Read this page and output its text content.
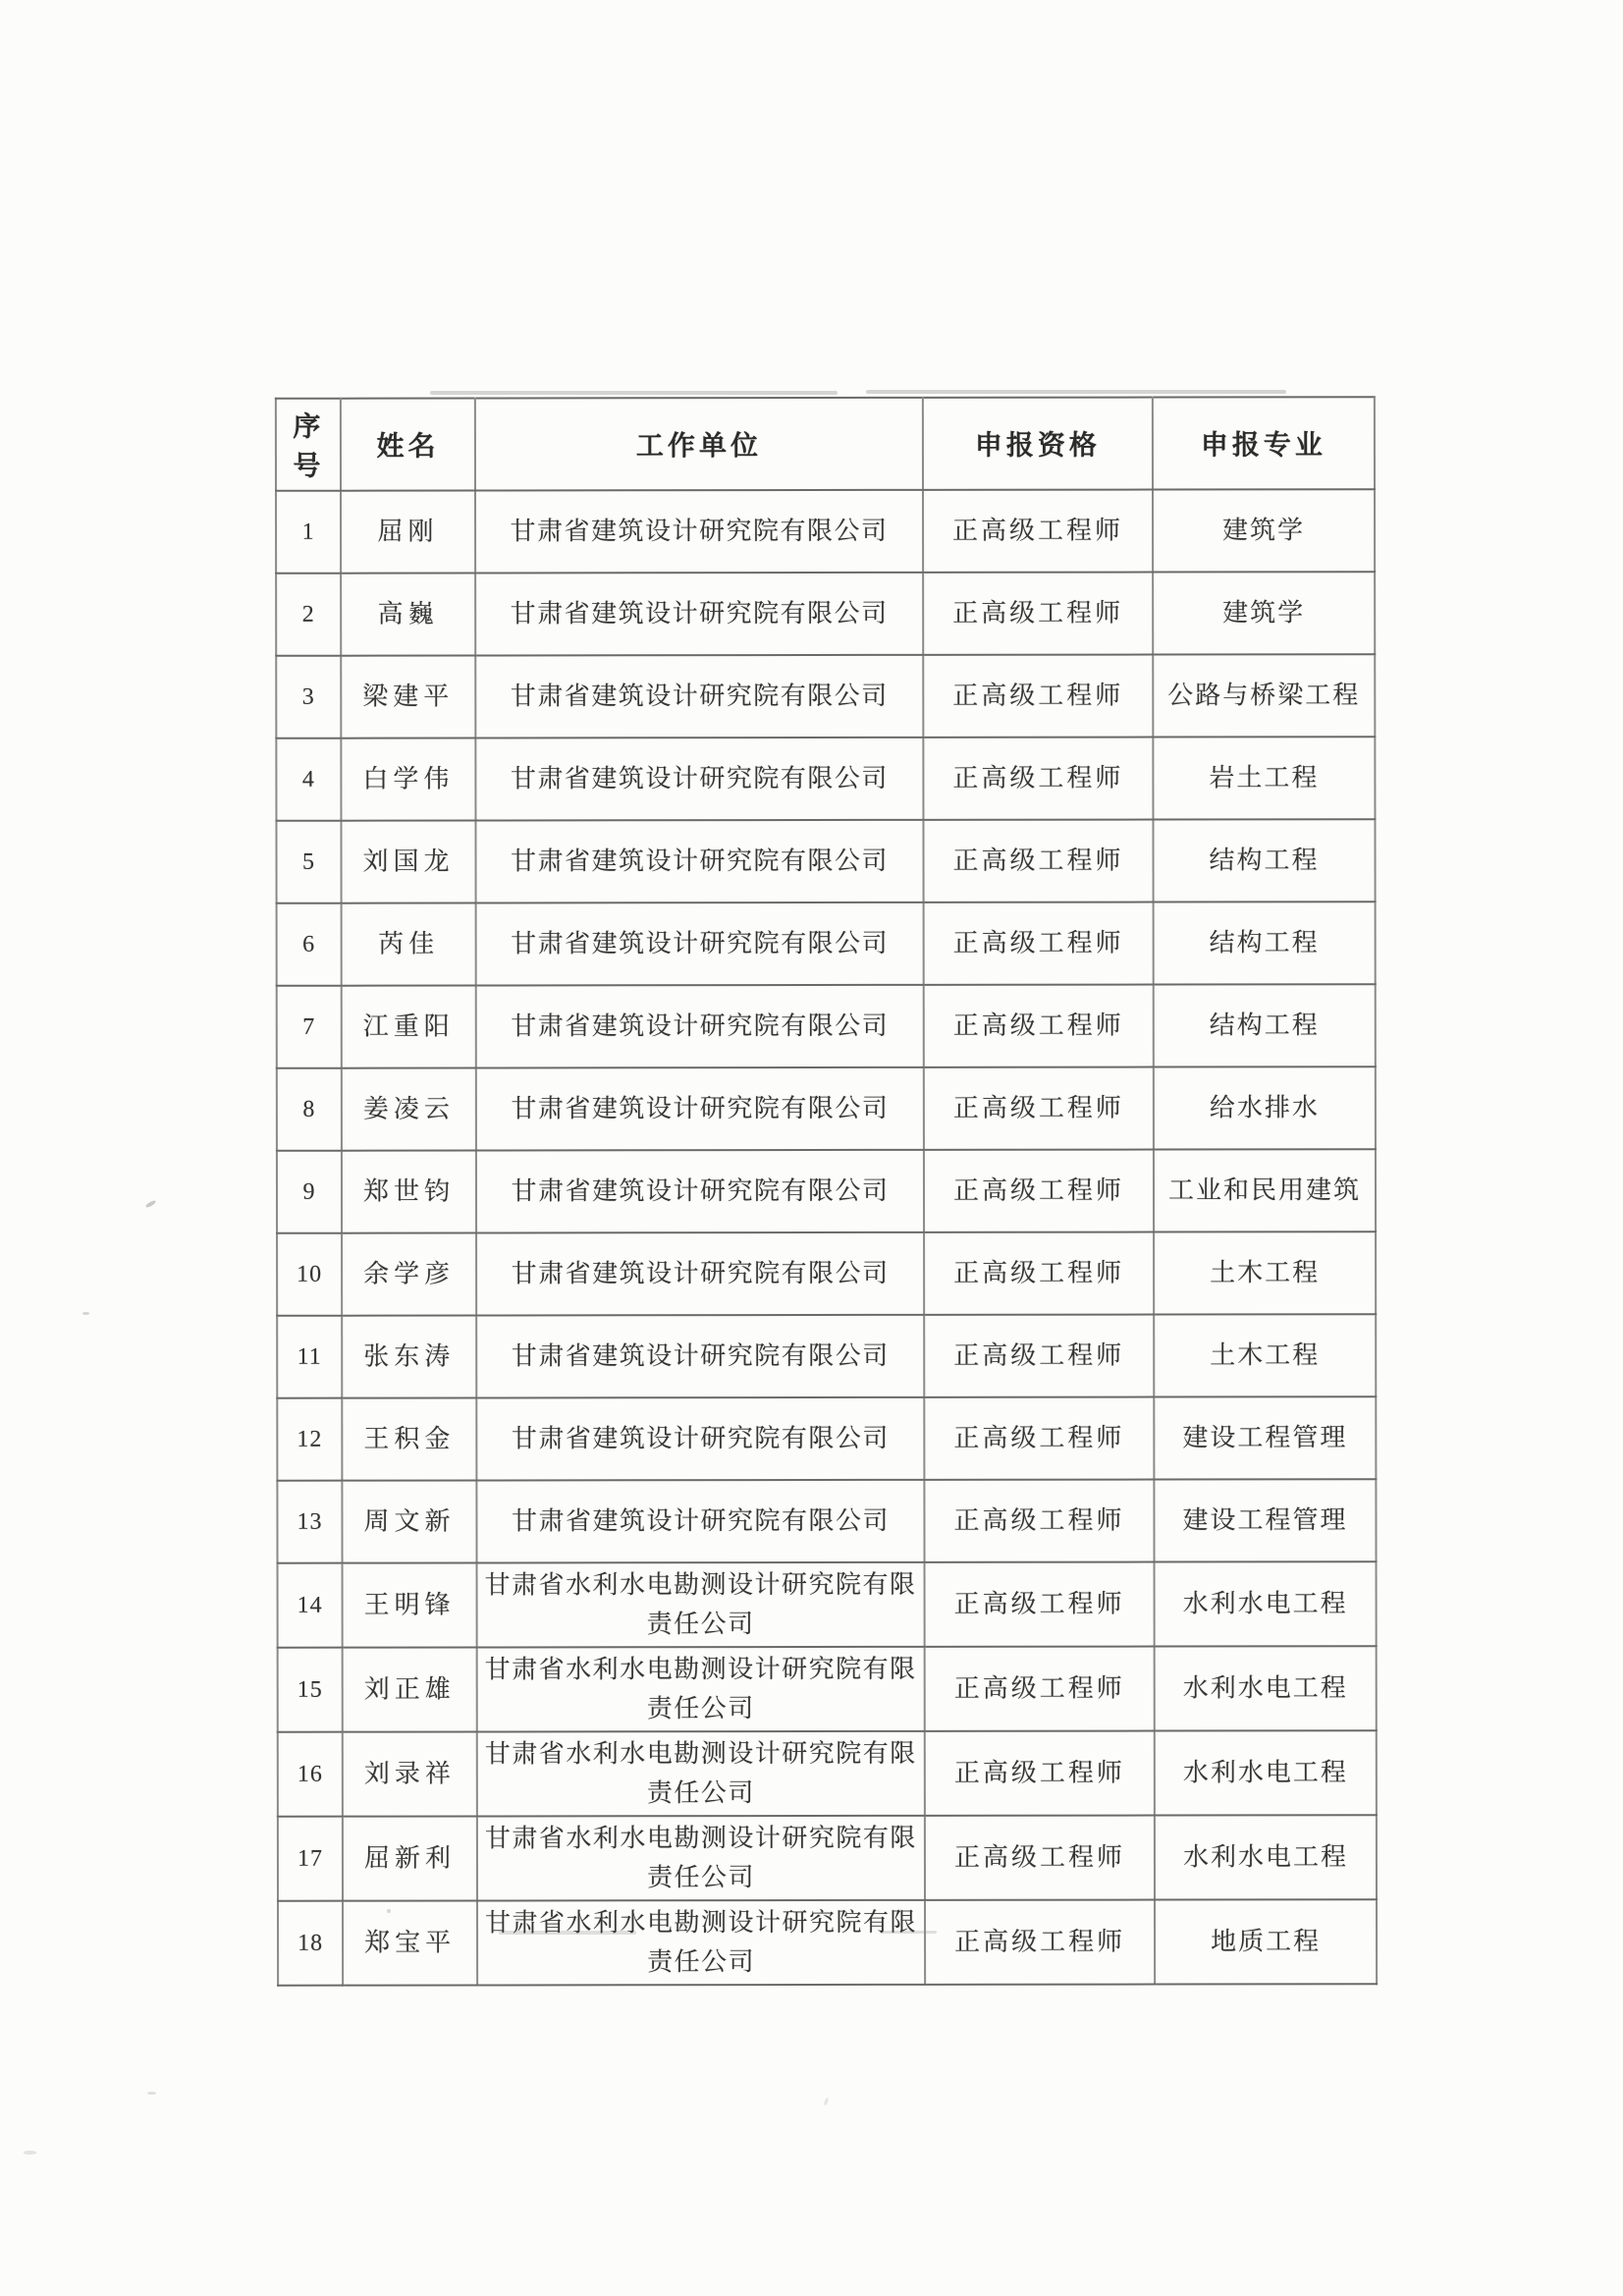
序号	姓名	工作单位	申报资格	申报专业
1	屈刚	甘肃省建筑设计研究院有限公司	正高级工程师	建筑学
2	高巍	甘肃省建筑设计研究院有限公司	正高级工程师	建筑学
3	梁建平	甘肃省建筑设计研究院有限公司	正高级工程师	公路与桥梁工程
4	白学伟	甘肃省建筑设计研究院有限公司	正高级工程师	岩土工程
5	刘国龙	甘肃省建筑设计研究院有限公司	正高级工程师	结构工程
6	芮佳	甘肃省建筑设计研究院有限公司	正高级工程师	结构工程
7	江重阳	甘肃省建筑设计研究院有限公司	正高级工程师	结构工程
8	姜凌云	甘肃省建筑设计研究院有限公司	正高级工程师	给水排水
9	郑世钧	甘肃省建筑设计研究院有限公司	正高级工程师	工业和民用建筑
10	余学彦	甘肃省建筑设计研究院有限公司	正高级工程师	土木工程
11	张东涛	甘肃省建筑设计研究院有限公司	正高级工程师	土木工程
12	王积金	甘肃省建筑设计研究院有限公司	正高级工程师	建设工程管理
13	周文新	甘肃省建筑设计研究院有限公司	正高级工程师	建设工程管理
14	王明锋	甘肃省水利水电勘测设计研究院有限责任公司	正高级工程师	水利水电工程
15	刘正雄	甘肃省水利水电勘测设计研究院有限责任公司	正高级工程师	水利水电工程
16	刘录祥	甘肃省水利水电勘测设计研究院有限责任公司	正高级工程师	水利水电工程
17	屈新利	甘肃省水利水电勘测设计研究院有限责任公司	正高级工程师	水利水电工程
18	郑宝平	甘肃省水利水电勘测设计研究院有限责任公司	正高级工程师	地质工程
